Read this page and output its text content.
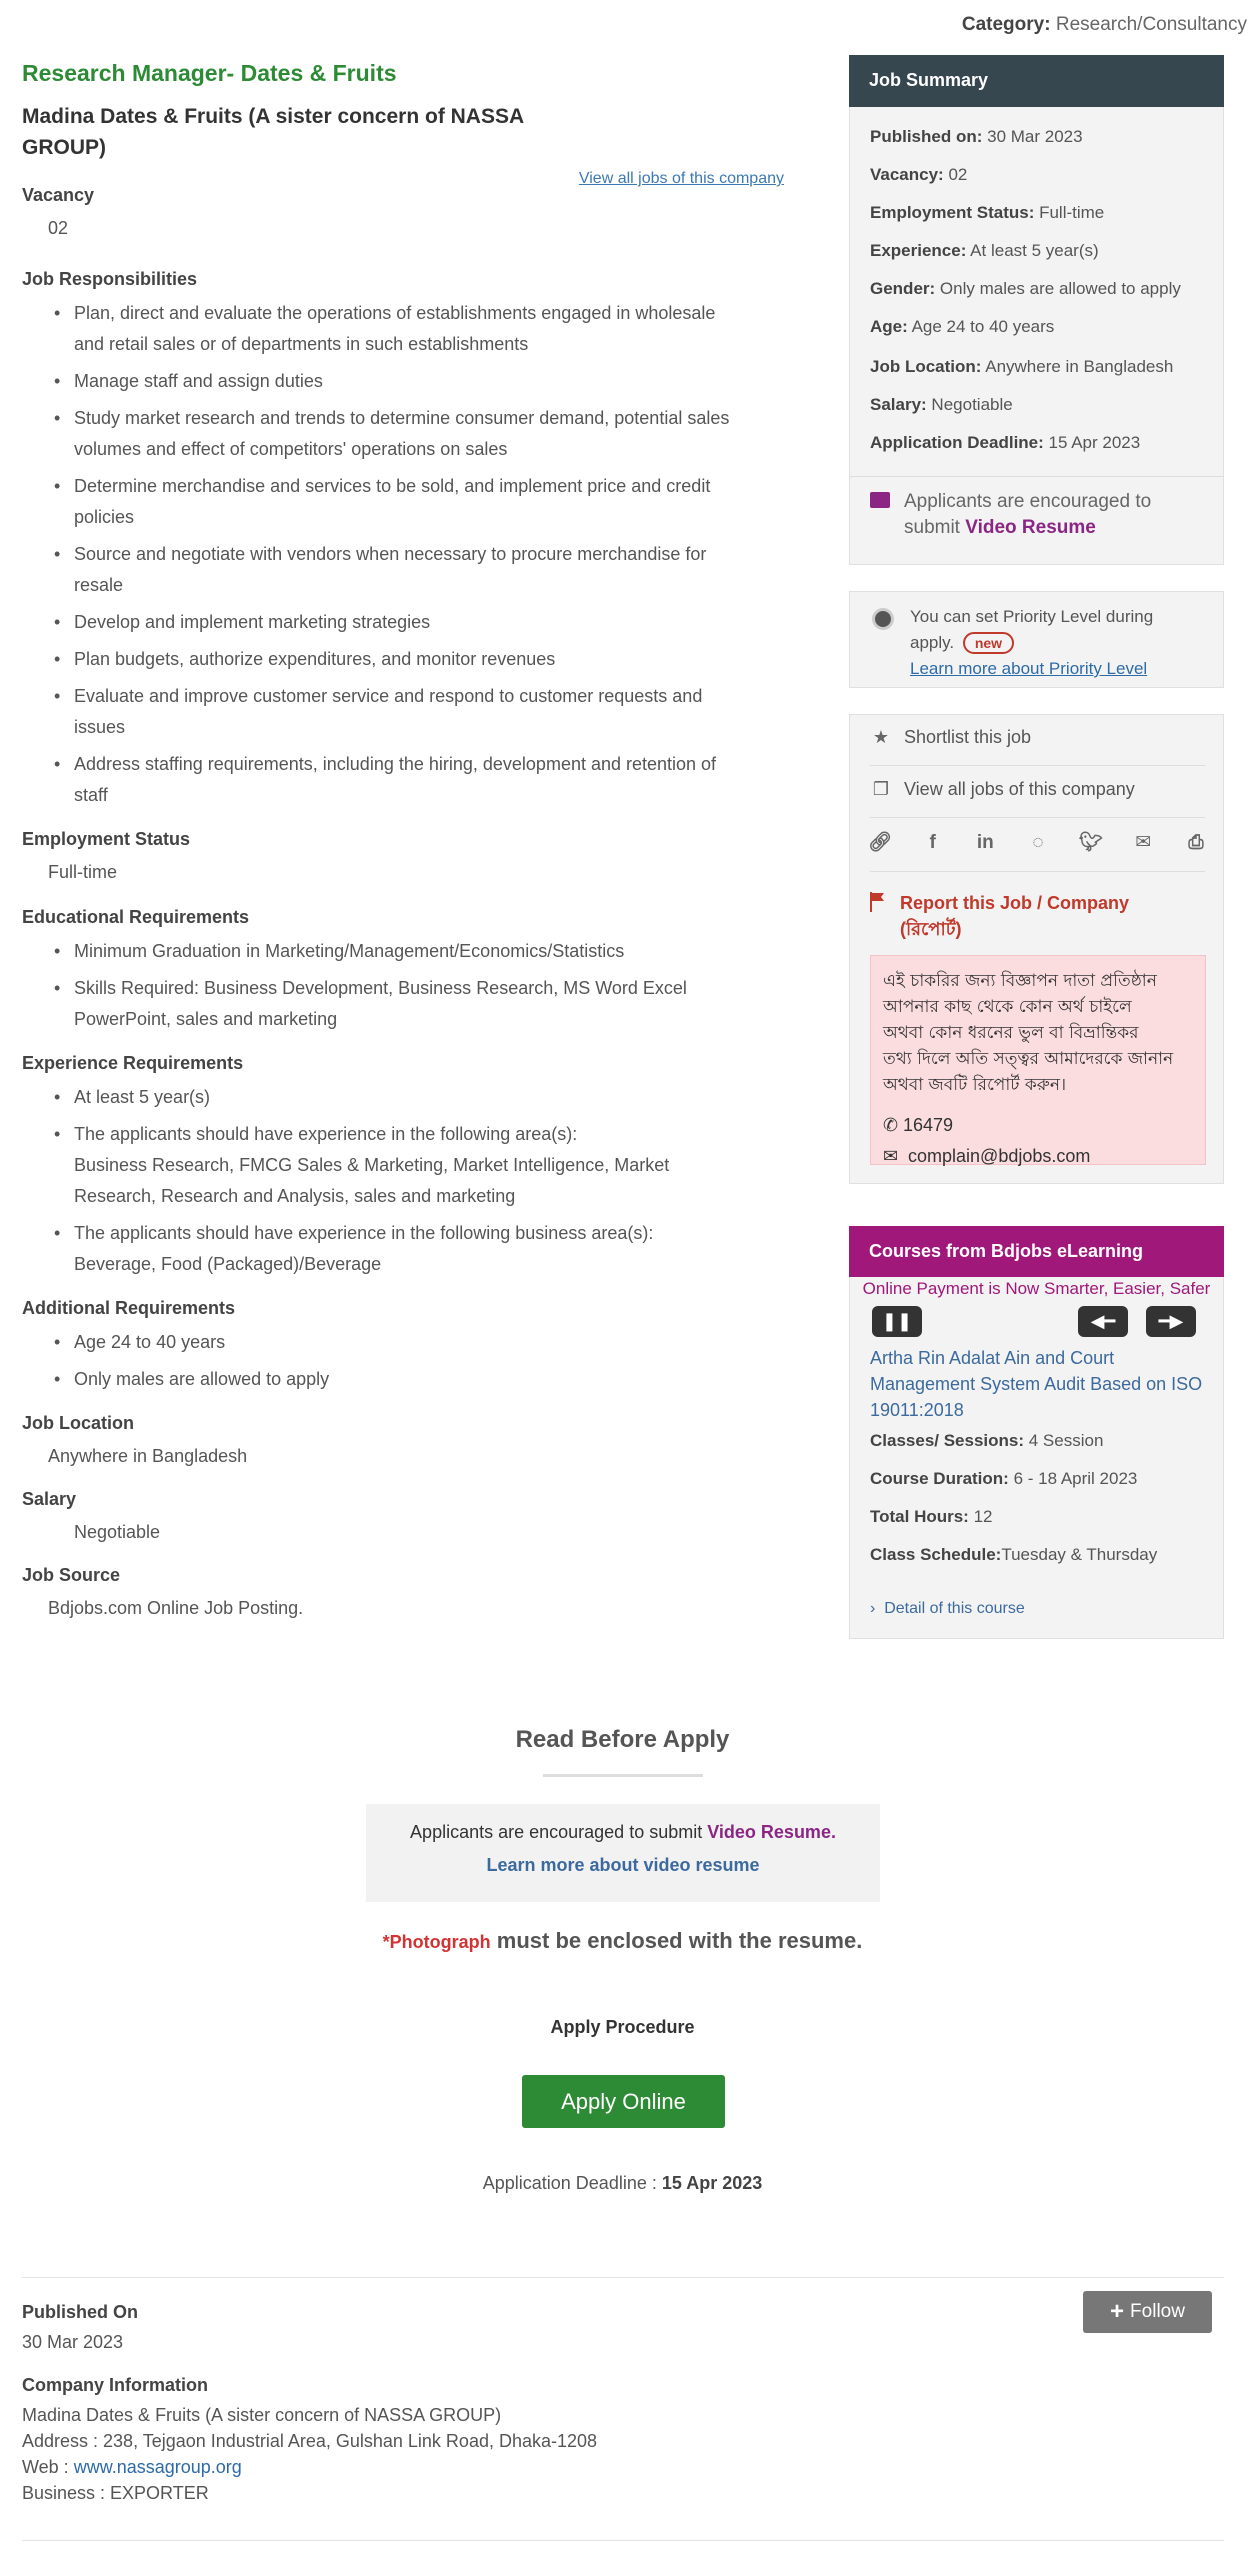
Category: Research/Consultancy
Research Manager- Dates & Fruits
Madina Dates & Fruits (A sister concern of NASSA
GROUP)
View all jobs of this company
Vacancy
02
Job Responsibilities
• Plan, direct and evaluate the operations of establishments engaged in wholesale
and retail sales or of departments in such establishments
• Manage staff and assign duties
• Study market research and trends to determine consumer demand, potential sales
volumes and effect of competitors' operations on sales
• Determine merchandise and services to be sold, and implement price and credit
policies
• Source and negotiate with vendors when necessary to procure merchandise for
resale
• Develop and implement marketing strategies
• Plan budgets, authorize expenditures, and monitor revenues
• Evaluate and improve customer service and respond to customer requests and
issues
• Address staffing requirements, including the hiring, development and retention of
staff
Employment Status
Full-time
Educational Requirements
• Minimum Graduation in Marketing/Management/Economics/Statistics
• Skills Required: Business Development, Business Research, MS Word Excel
PowerPoint, sales and marketing
Experience Requirements
• At least 5 year(s)
• The applicants should have experience in the following area(s):
Business Research, FMCG Sales & Marketing, Market Intelligence, Market
Research, Research and Analysis, sales and marketing
• The applicants should have experience in the following business area(s):
Beverage, Food (Packaged)/Beverage
Additional Requirements
• Age 24 to 40 years
• Only males are allowed to apply
Job Location
Anywhere in Bangladesh
Salary
Negotiable
Job Source
Bdjobs.com Online Job Posting.
Read Before Apply
Applicants are encouraged to submit Video Resume.
Learn more about video resume
*Photograph must be enclosed with the resume.
Apply Procedure
Apply Online
Application Deadline : 15 Apr 2023
Published On
30 Mar 2023
Company Information
Madina Dates & Fruits (A sister concern of NASSA GROUP)
Address : 238, Tejgaon Industrial Area, Gulshan Link Road, Dhaka-1208
Web : www.nassagroup.org
Business : EXPORTER
+ Follow
Job Summary
Published on: 30 Mar 2023
Vacancy: 02
Employment Status: Full-time
Experience: At least 5 year(s)
Gender: Only males are allowed to apply
Age: Age 24 to 40 years
Job Location: Anywhere in Bangladesh
Salary: Negotiable
Application Deadline: 15 Apr 2023
Applicants are encouraged to
submit Video Resume
You can set Priority Level during
apply. new
Learn more about Priority Level
★ Shortlist this job
❐ View all jobs of this company
🔗︎	f	in	◌	🐦︎ ✉ ⎙
Report this Job / Company
(রিপোর্ট)
এই চাকরির জন্য বিজ্ঞাপন দাতা প্রতিষ্ঠান
আপনার কাছ থেকে কোন অর্থ চাইলে
অথবা কোন ধরনের ভুল বা বিভ্রান্তিকর
তথ্য দিলে অতি সত্ত্বর আমাদেরকে জানান
অথবা জবটি রিপোর্ট করুন।
✆ 16479
✉ complain@bdjobs.com
Courses from Bdjobs eLearning
Online Payment is Now Smarter, Easier, Safer
❚❚	◀━ ━▶
Artha Rin Adalat Ain and Court Management System Audit Based on ISO 19011:2018
Classes/ Sessions: 4 Session
Course Duration: 6 - 18 April 2023
Total Hours: 12
Class Schedule:Tuesday & Thursday
› Detail of this course
